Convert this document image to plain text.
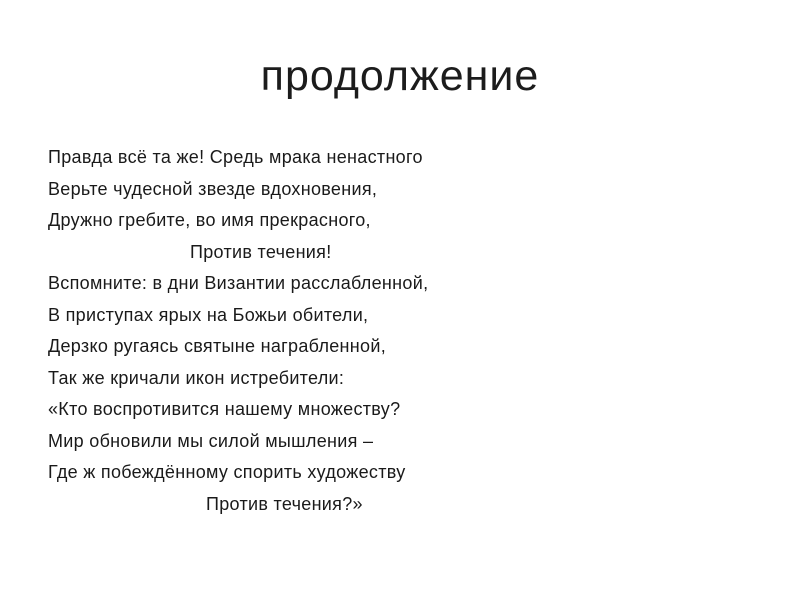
продолжение
Правда всё та же! Средь мрака ненастного
Верьте чудесной звезде вдохновения,
Дружно гребите, во имя прекрасного,
Против течения!
Вспомните: в дни Византии расслабленной,
В приступах ярых на Божьи обители,
Дерзко ругаясь святыне награбленной,
Так же кричали икон истребители:
«Кто воспротивится нашему множеству?
Мир обновили мы силой мышления –
Где ж побеждённому спорить художеству
Против течения?»
